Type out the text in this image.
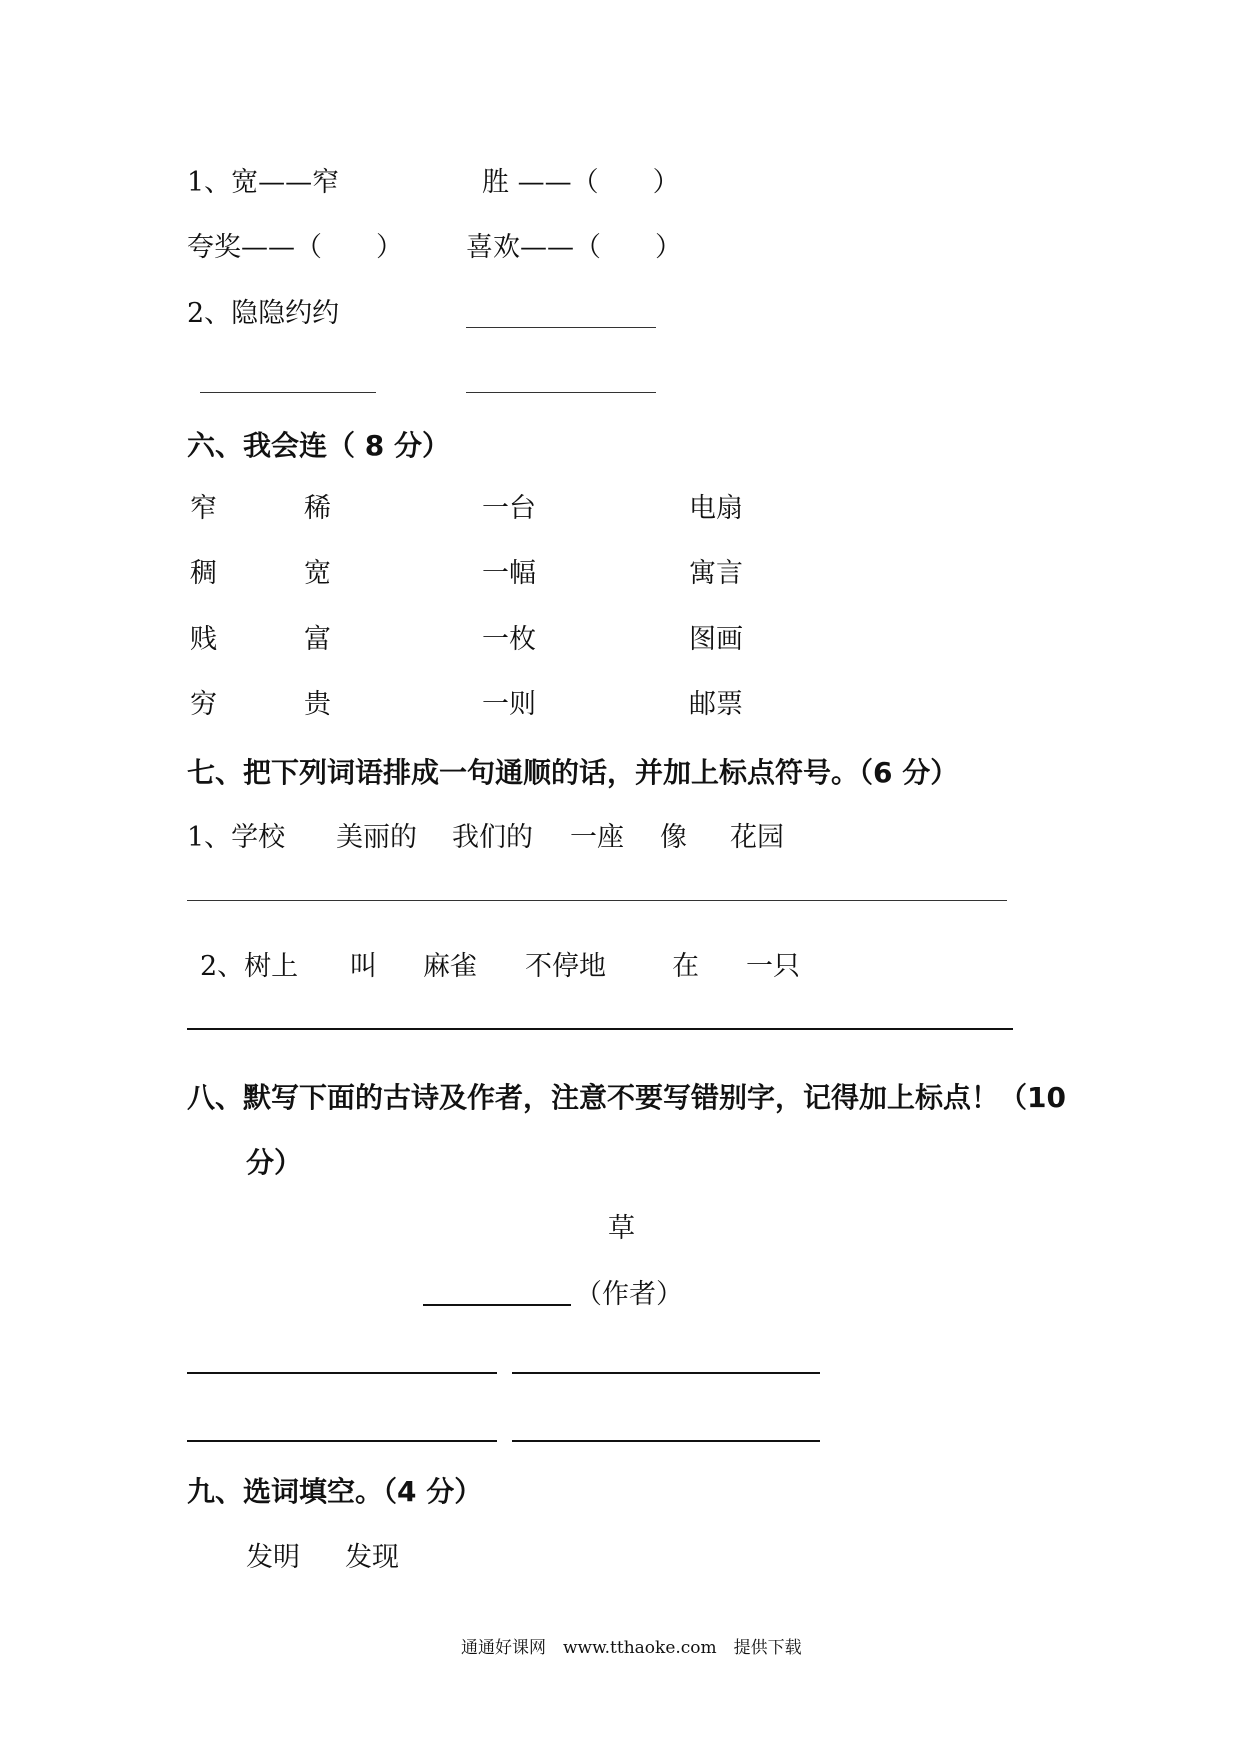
1、宽——窄	胜 ——（　　）
夸奖——（　　） 喜欢——（　　）
2、隐隐约约
六、我会连（ 8 分）
窄	稀	一台	电扇
稠	宽	一幅	寓言
贱	富	一枚	图画
穷	贵	一则	邮票
七、把下列词语排成一句通顺的话，并加上标点符号。（6 分）
1、学校 美丽的 我们的 一座 像 花园
2、树上 叫 麻雀 不停地 在 一只
八、默写下面的古诗及作者，注意不要写错别字，记得加上标点！（10
分）
草
（作者）
九、选词填空。（4 分）
发明 发现
通通好课网　www.tthaoke.com　提供下载
